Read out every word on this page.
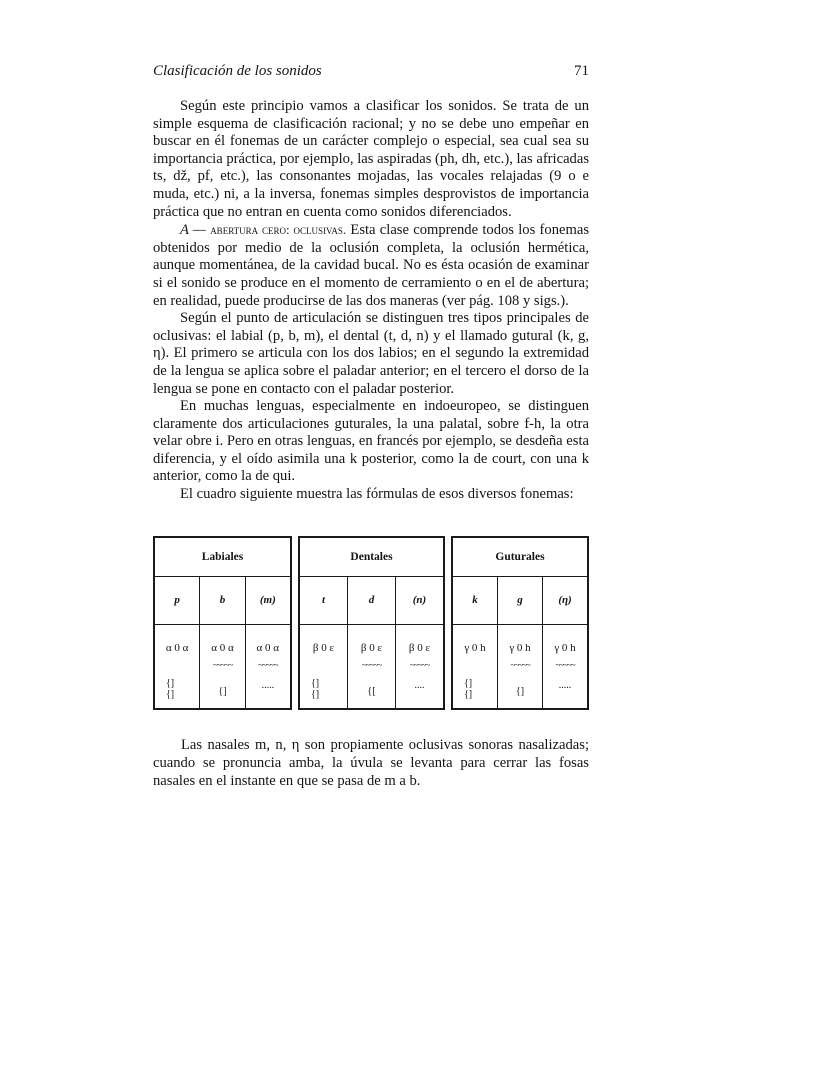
Clasificación de los sonidos	71

Según este principio vamos a clasificar los sonidos. Se trata de un simple esquema de clasificación racional; y no se debe uno empeñar en buscar en él fonemas de un carácter complejo o especial, sea cual sea su importancia práctica, por ejemplo, las aspiradas (ph, dh, etc.), las africadas ts, dž, pf, etc.), las consonantes mojadas, las vocales relajadas (9 o e muda, etc.) ni, a la inversa, fonemas simples desprovistos de importancia práctica que no entran en cuenta como sonidos diferenciados.

A — abertura cero: oclusivas. Esta clase comprende todos los fonemas obtenidos por medio de la oclusión completa, la oclusión hermética, aunque momentánea, de la cavidad bucal. No es ésta ocasión de examinar si el sonido se produce en el momento de cerramiento o en el de abertura; en realidad, puede producirse de las dos maneras (ver pág. 108 y sigs.).

Según el punto de articulación se distinguen tres tipos principales de oclusivas: el labial (p, b, m), el dental (t, d, n) y el llamado gutural (k, g, η). El primero se articula con los dos labios; en el segundo la extremidad de la lengua se aplica sobre el paladar anterior; en el tercero el dorso de la lengua se pone en contacto con el paladar posterior.

En muchas lenguas, especialmente en indoeuropeo, se distinguen claramente dos articulaciones guturales, la una palatal, sobre f-h, la otra velar obre i. Pero en otras lenguas, en francés por ejemplo, se desdeña esta diferencia, y el oído asimila una k posterior, como la de court, con una k anterior, como la de qui.

El cuadro siguiente muestra las fórmulas de esos diversos fonemas:

Labiales
p
α 0 α
{]
{]
b
α 0 α
~~~~~
{]
(m)
α 0 α
~~~~~
.....
Dentales
t
β 0 ε
{]
{]
d
β 0 ε
~~~~~
{[
(n)
β 0 ε
~~~~~
....
Guturales
k
γ 0 h
{]
{]
g
γ 0 h
~~~~~
{]
(η)
γ 0 h
~~~~~
.....

Las nasales m, n, η son propiamente oclusivas sonoras nasalizadas; cuando se pronuncia amba, la úvula se levanta para cerrar las fosas nasales en el instante en que se pasa de m a b.
